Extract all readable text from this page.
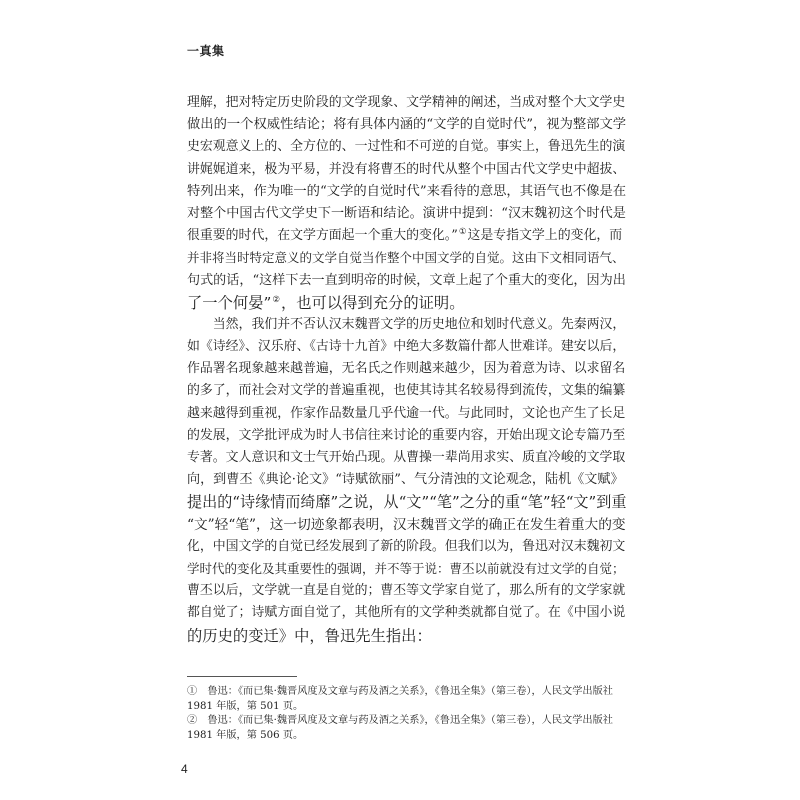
一真集
理解，把对特定历史阶段的文学现象、文学精神的阐述，当成对整个大文学史
做出的一个权威性结论；将有具体内涵的“文学的自觉时代”，视为整部文学
史宏观意义上的、全方位的、一过性和不可逆的自觉。事实上，鲁迅先生的演
讲娓娓道来，极为平易，并没有将曹丕的时代从整个中国古代文学史中超拔、
特列出来，作为唯一的“文学的自觉时代”来看待的意思，其语气也不像是在
对整个中国古代文学史下一断语和结论。演讲中提到：“汉末魏初这个时代是
很重要的时代，在文学方面起一个重大的变化。”①这是专指文学上的变化，而
并非将当时特定意义的文学自觉当作整个中国文学的自觉。这由下文相同语气、
句式的话，“这样下去一直到明帝的时候，文章上起了个重大的变化，因为出
了一个何晏”②，也可以得到充分的证明。
　　当然，我们并不否认汉末魏晋文学的历史地位和划时代意义。先秦两汉，
如《诗经》、汉乐府、《古诗十九首》中绝大多数篇什都人世难详。建安以后，
作品署名现象越来越普遍，无名氏之作则越来越少，因为着意为诗、以求留名
的多了，而社会对文学的普遍重视，也使其诗其名较易得到流传，文集的编纂
越来越得到重视，作家作品数量几乎代逾一代。与此同时，文论也产生了长足
的发展，文学批评成为时人书信往来讨论的重要内容，开始出现文论专篇乃至
专著。文人意识和文士气开始凸现。从曹操一辈尚用求实、质直冷峻的文学取
向，到曹丕《典论·论文》“诗赋欲丽”、气分清浊的文论观念，陆机《文赋》
提出的“诗缘情而绮靡”之说，从“文”“笔”之分的重“笔”轻“文”到重
“文”轻“笔”，这一切迹象都表明，汉末魏晋文学的确正在发生着重大的变
化，中国文学的自觉已经发展到了新的阶段。但我们以为，鲁迅对汉末魏初文
学时代的变化及其重要性的强调，并不等于说：曹丕以前就没有过文学的自觉；
曹丕以后，文学就一直是自觉的；曹丕等文学家自觉了，那么所有的文学家就
都自觉了；诗赋方面自觉了，其他所有的文学种类就都自觉了。在《中国小说
的历史的变迁》中，鲁迅先生指出：
①　鲁迅：《而已集·魏晋风度及文章与药及酒之关系》，《鲁迅全集》（第三卷），人民文学出版社
1981 年版，第 501 页。
②　鲁迅：《而已集·魏晋风度及文章与药及酒之关系》，《鲁迅全集》（第三卷），人民文学出版社
1981 年版，第 506 页。
4
